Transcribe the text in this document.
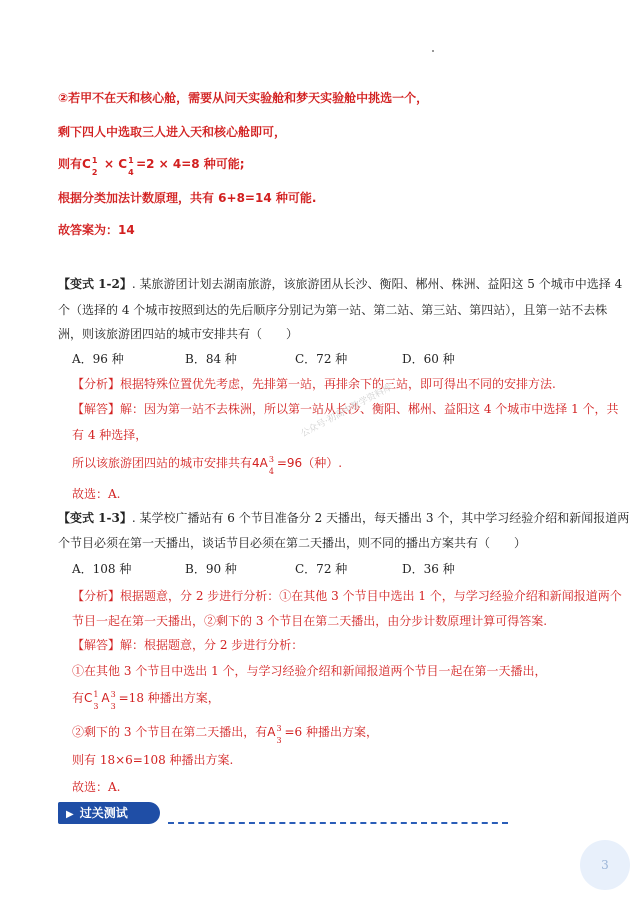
②若甲不在天和核心舱，需要从问天实验舱和梦天实验舱中挑选一个，
剩下四人中选取三人进入天和核心舱即可，
则有C 1
2
× C 1
4
=2 × 4=8 种可能;
根据分类加法计数原理，共有 6+8=14 种可能.
故答案为：14
【变式 1-2】. 某旅游团计划去湖南旅游，该旅游团从长沙、衡阳、郴州、株洲、益阳这 5 个城市中选择 4
个（选择的 4 个城市按照到达的先后顺序分别记为第一站、第二站、第三站、第四站），且第一站不去株
洲，则该旅游团四站的城市安排共有（　　）
A．96 种	B．84 种	C．72 种	D．60 种
【分析】根据特殊位置优先考虑，先排第一站，再排余下的三站，即可得出不同的安排方法.
【解答】解：因为第一站不去株洲，所以第一站从长沙、衡阳、郴州、益阳这 4 个城市中选择 1 个，共
有 4 种选择，
所以该旅游团四站的城市安排共有4A 3
4
=96（种）.
故选：A.
【变式 1-3】. 某学校广播站有 6 个节目准备分 2 天播出，每天播出 3 个，其中学习经验介绍和新闻报道两
个节目必须在第一天播出，谈话节目必须在第二天播出，则不同的播出方案共有（　　）
A．108 种	B．90 种	C．72 种	D．36 种
【分析】根据题意，分 2 步进行分析：①在其他 3 个节目中选出 1 个，与学习经验介绍和新闻报道两个
节目一起在第一天播出，②剩下的 3 个节目在第二天播出，由分步计数原理计算可得答案.
【解答】解：根据题意，分 2 步进行分析：
①在其他 3 个节目中选出 1 个，与学习经验介绍和新闻报道两个节目一起在第一天播出，
有C 1
3
A 3
3
=18 种播出方案，
②剩下的 3 个节目在第二天播出，有A 3
3
=6 种播出方案，
则有 18×6=108 种播出方案.
故选：A.
公众号·初高中数学资料库
▶ 过关测试
3
